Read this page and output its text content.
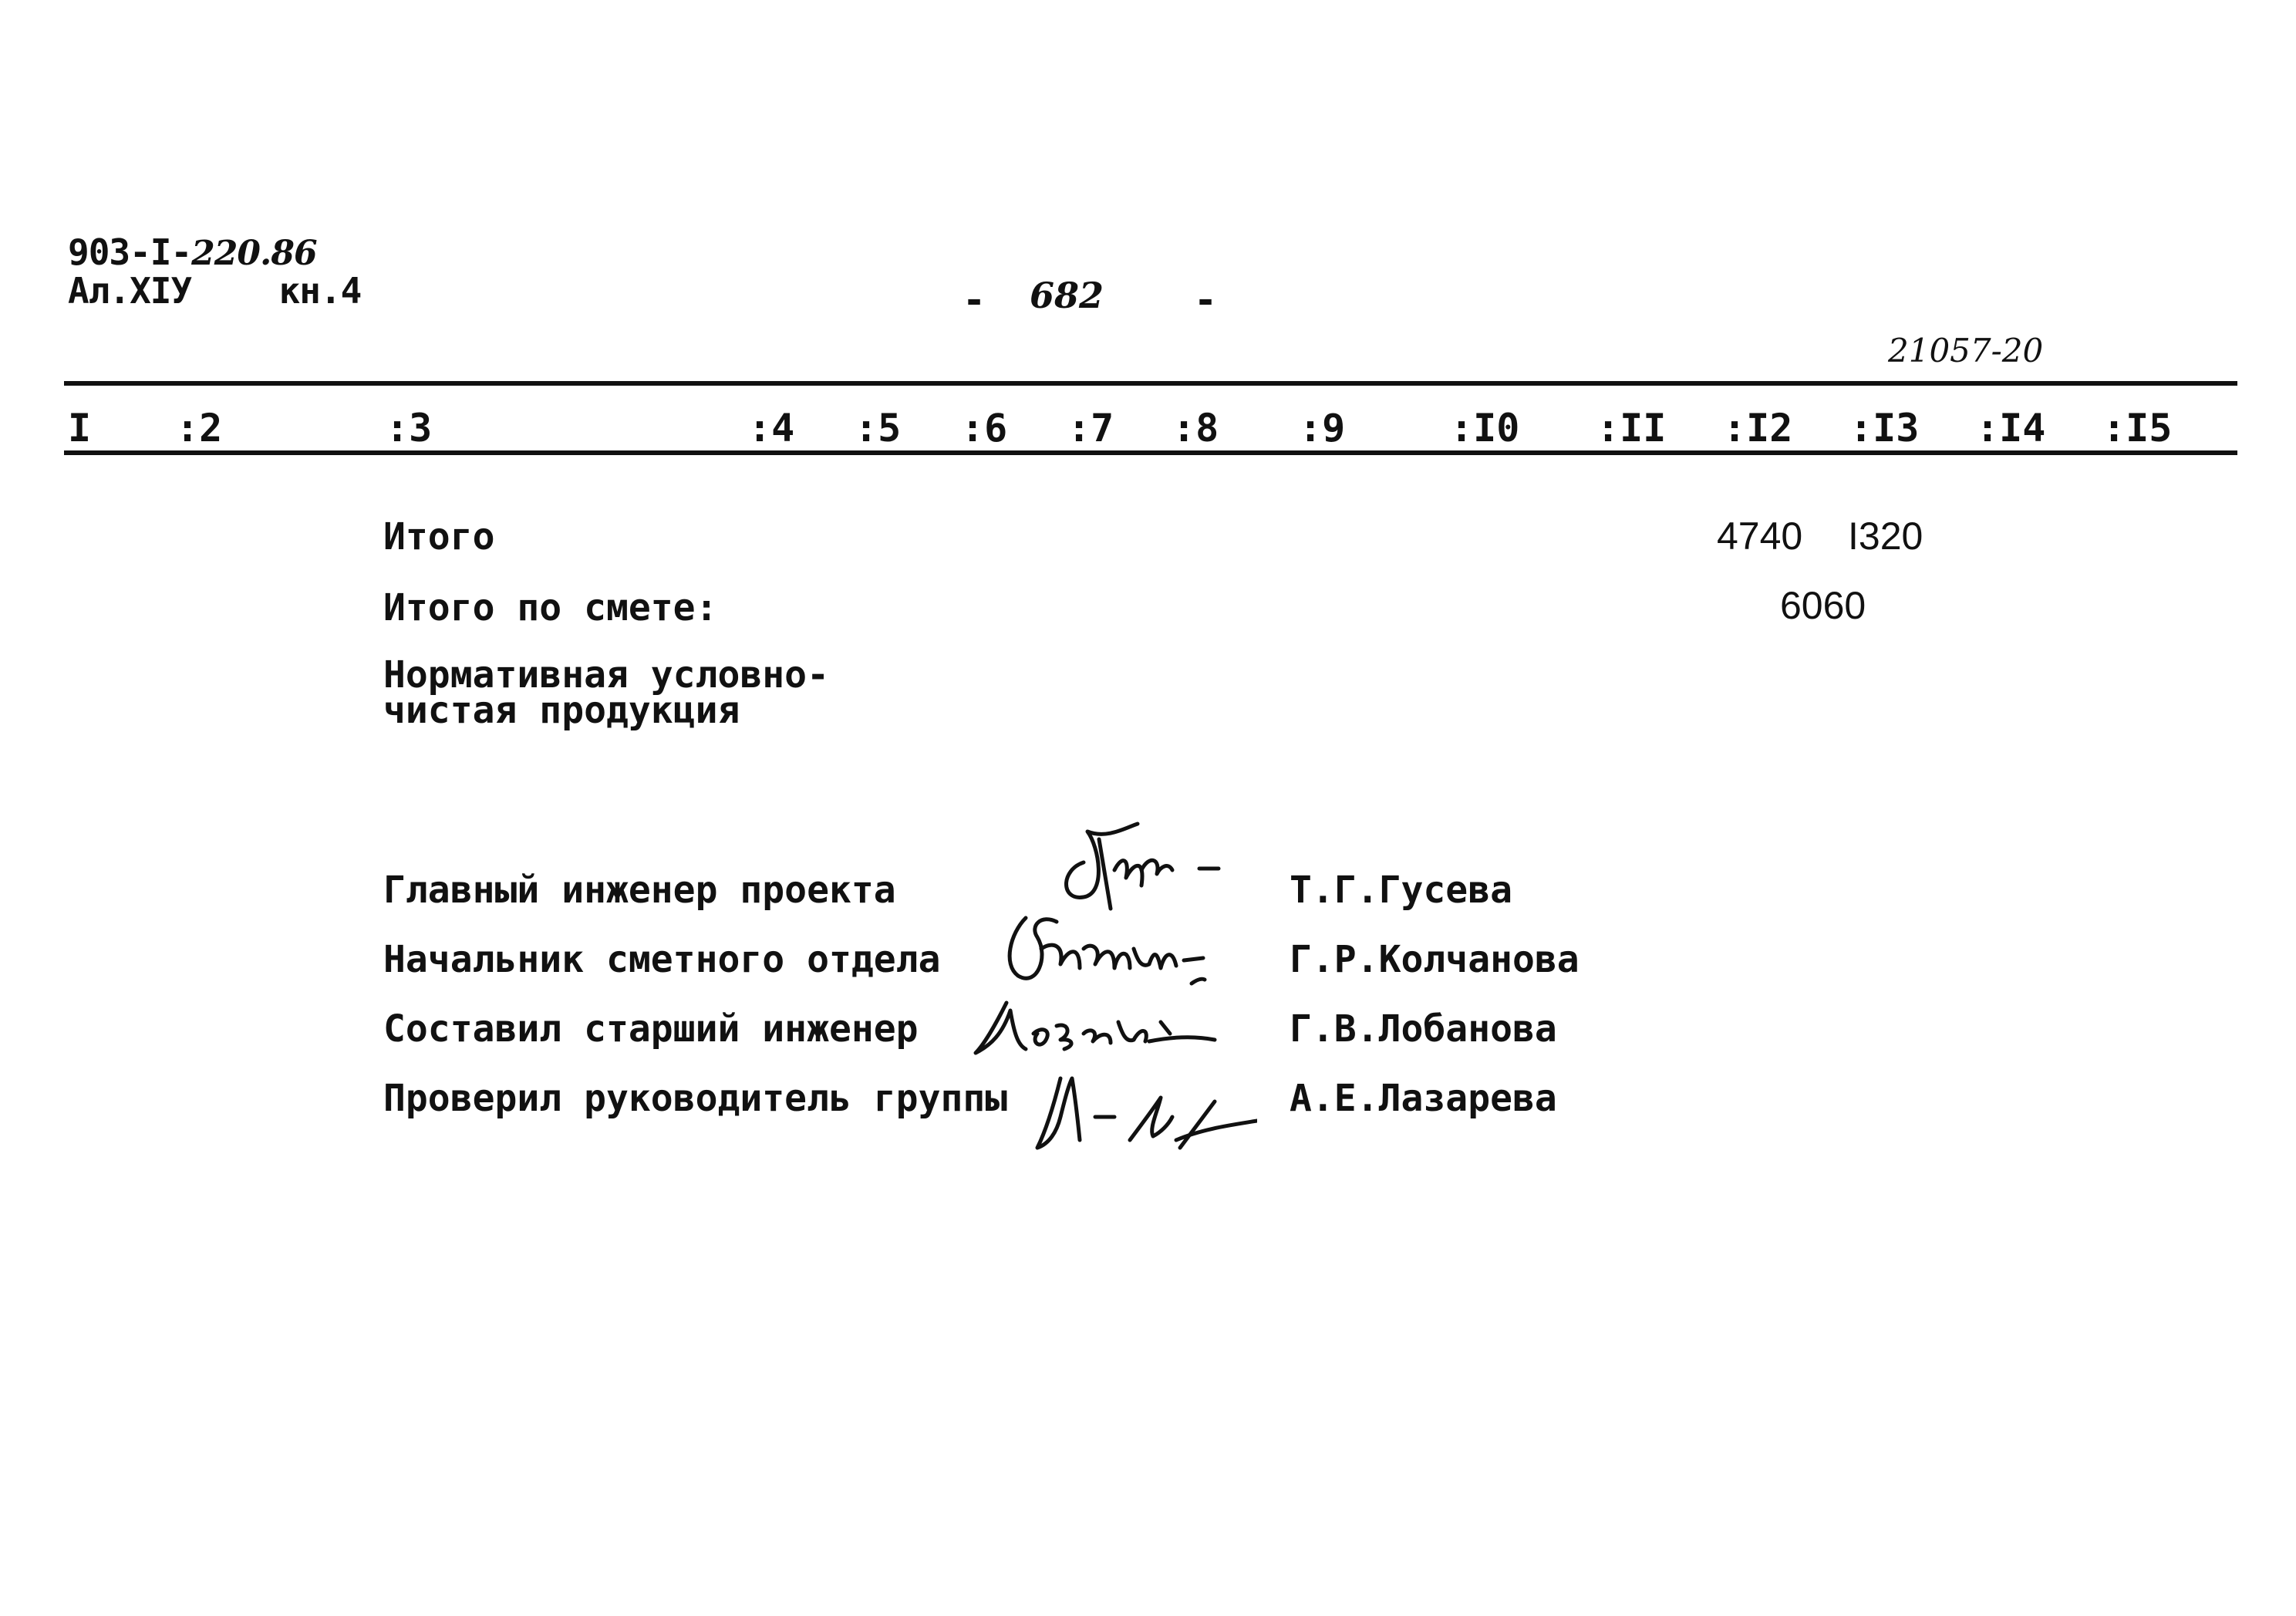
903-I-220.86
Ал.XIУ кн.4	- 682 -
21057-20
I :2	:3	:4 :5 :6 :7 :8 :9	:I0 :II :I2 :I3 :I4 :I5
Итого	4740 I320
Итого по смете:	6060
Нормативная условно-
чистая продукция
Главный инженер проекта	Т.Г.Гусева
Начальник сметного отдела	Г.Р.Колчанова
Составил старший инженер	Г.В.Лобанова
Проверил руководитель группы	А.Е.Лазарева
